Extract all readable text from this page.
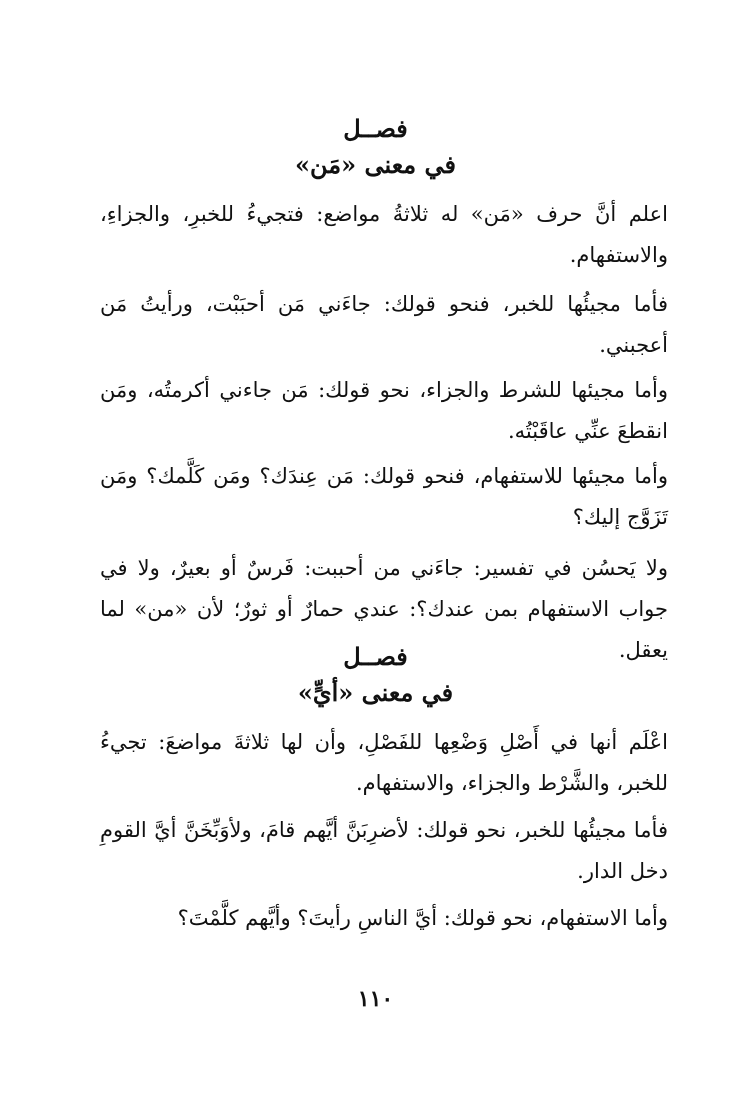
فصــل
في معنى «مَن»

اعلم أنَّ حرف «مَن» له ثلاثةُ مواضع: فتجيءُ للخبرِ، والجزاءِ، والاستفهام.

فأما مجيئُها للخبر، فنحو قولك: جاءَني مَن أحبَبْت، ورأيتُ مَن أعجبني.

وأما مجيئها للشرط والجزاء، نحو قولك: مَن جاءني أكرمتُه، ومَن انقطعَ عنِّي عاقَبْتُه.

وأما مجيئها للاستفهام، فنحو قولك: مَن عِندَك؟ ومَن كَلَّمك؟ ومَن تَزَوَّج إليك؟

ولا يَحسُن في تفسير: جاءَني من أحببت: فَرسٌ أو بعيرٌ، ولا في جواب الاستفهام بمن عندك؟: عندي حمارٌ أو ثورٌ؛ لأن «من» لما يعقل.

فصــل
في معنى «أيٍّ»

اعْلَم أنها في أَصْلِ وَضْعِها للفَصْلِ، وأن لها ثلاثةَ مواضعَ: تجيءُ للخبر، والشَّرْط والجزاء، والاستفهام.

فأما مجيئُها للخبر، نحو قولك: لأضرِبَنَّ أيَّهم قامَ، ولأوَبِّخَنَّ أيَّ القومِ دخل الدار.

وأما الاستفهام، نحو قولك: أيَّ الناسِ رأيتَ؟ وأيَّهم كلَّمْتَ؟

١١٠
